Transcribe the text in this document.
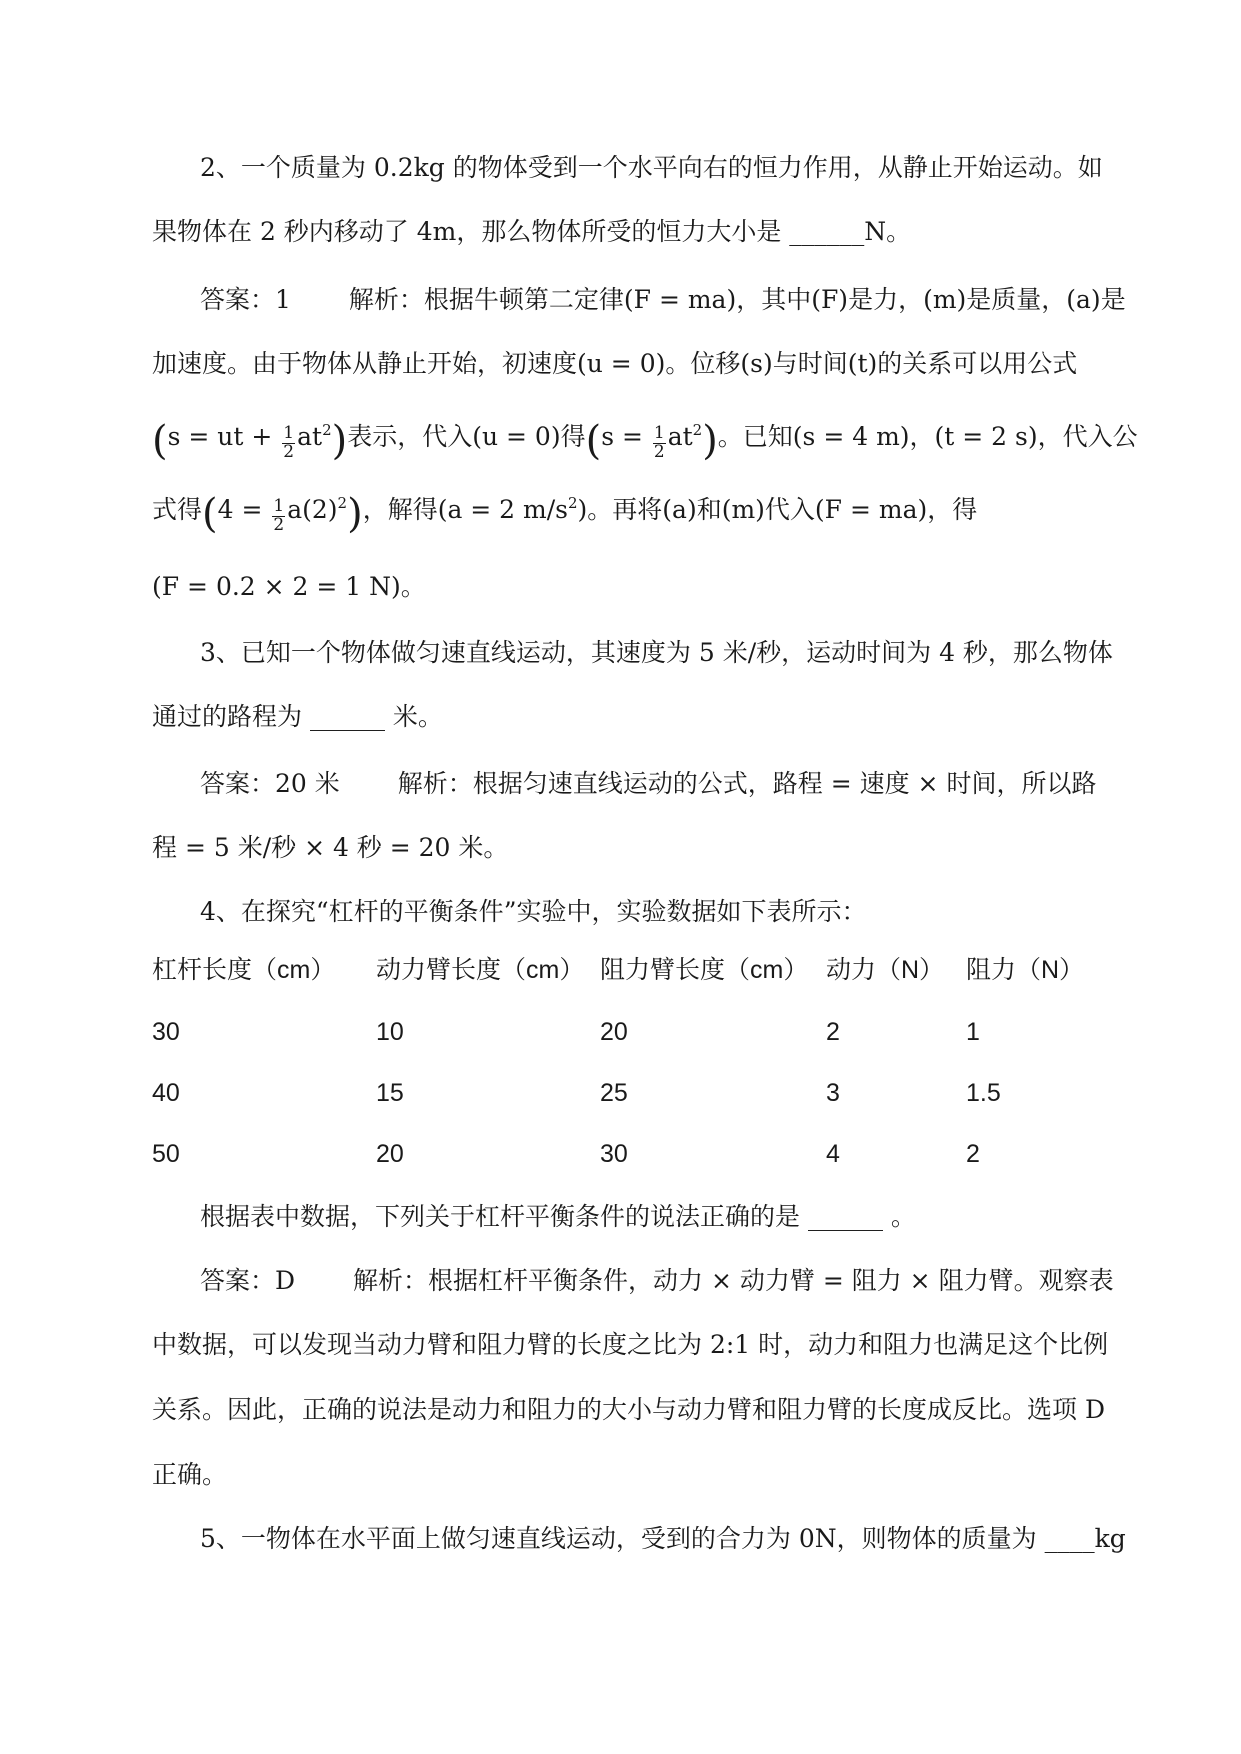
2、一个质量为 0.2kg 的物体受到一个水平向右的恒力作用，从静止开始运动。如
果物体在 2 秒内移动了 4m，那么物体所受的恒力大小是 ______N。
答案：1 解析：根据牛顿第二定律(F = ma)，其中(F)是力，(m)是质量，(a)是
加速度。由于物体从静止开始，初速度(u = 0)。位移(s)与时间(t)的关系可以用公式
(s = ut + $\frac{1}{2} at^2$)表示，代入(u = 0)得$(s = \frac{1}{2} at^2)$。已知(s = 4 m)，(t = 2 s)，代入公
式得$(4 = \frac{1}{2} a(2)^2)$，解得(a = 2 $m/s^2$)。再将(a)和(m)代入(F = ma)，得
(F = 0.2 × 2 = 1 N)。
3、已知一个物体做匀速直线运动，其速度为 5 米/秒，运动时间为 4 秒，那么物体
通过的路程为 ______ 米。
答案：20 米 解析：根据匀速直线运动的公式，路程 = 速度 × 时间，所以路
程 = 5 米/秒 × 4 秒 = 20 米。
4、在探究“杠杆的平衡条件”实验中，实验数据如下表所示：
杠杆长度（cm） 动力臂长度（cm） 阻力臂长度（cm） 动力（N） 阻力（N）
30	10	20	2	1
40	15	25	3	1.5
50	20	30	4	2
根据表中数据，下列关于杠杆平衡条件的说法正确的是 ______ 。
答案：D 解析：根据杠杆平衡条件，动力 × 动力臂 = 阻力 × 阻力臂。观察表
中数据，可以发现当动力臂和阻力臂的长度之比为 2:1 时，动力和阻力也满足这个比例
关系。因此，正确的说法是动力和阻力的大小与动力臂和阻力臂的长度成反比。选项 D
正确。
5、一物体在水平面上做匀速直线运动，受到的合力为 0N，则物体的质量为 ____kg
